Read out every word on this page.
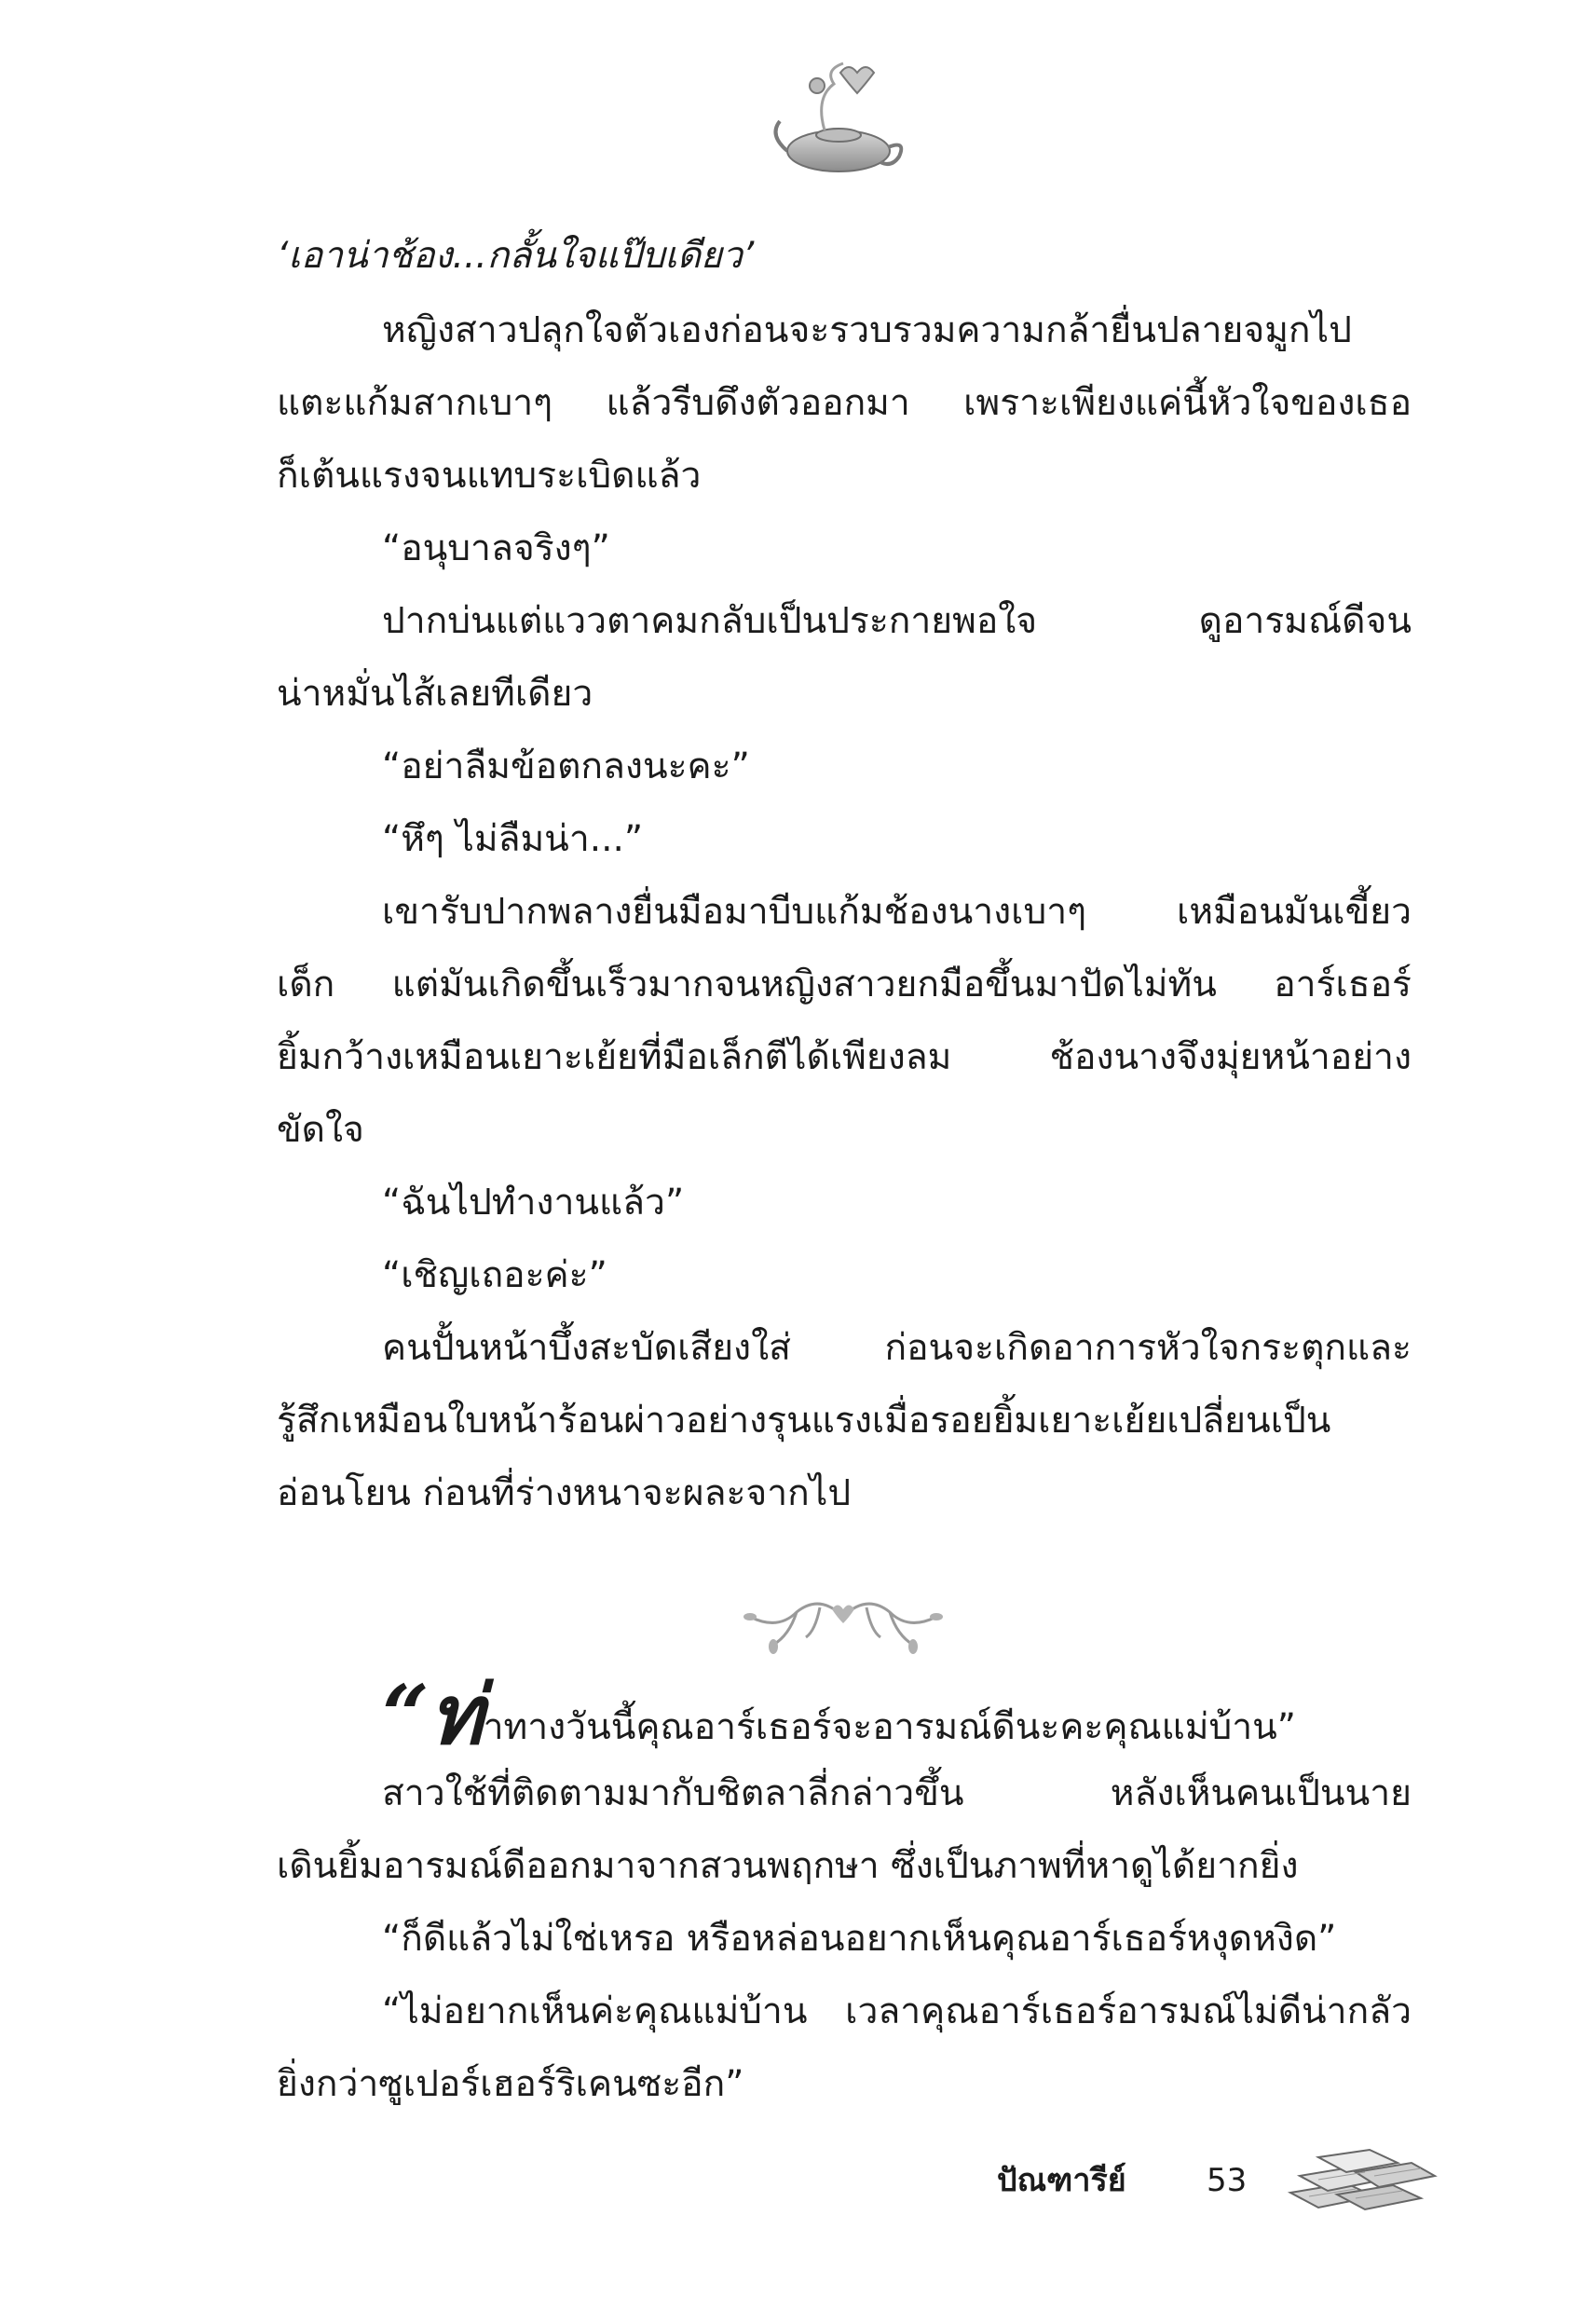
‘เอาน่าช้อง...กลั้นใจแป๊บเดียว’
หญิงสาวปลุกใจตัวเองก่อนจะรวบรวมความกล้ายื่นปลายจมูกไป
แตะแก้มสากเบาๆ แล้วรีบดึงตัวออกมา เพราะเพียงแค่นี้หัวใจของเธอ
ก็เต้นแรงจนแทบระเบิดแล้ว
“อนุบาลจริงๆ”
ปากบ่นแต่แววตาคมกลับเป็นประกายพอใจ ดูอารมณ์ดีจน
น่าหมั่นไส้เลยทีเดียว
“อย่าลืมข้อตกลงนะคะ”
“หึๆ ไม่ลืมน่า...”
เขารับปากพลางยื่นมือมาบีบแก้มช้องนางเบาๆ เหมือนมันเขี้ยว
เด็ก แต่มันเกิดขึ้นเร็วมากจนหญิงสาวยกมือขึ้นมาปัดไม่ทัน อาร์เธอร์
ยิ้มกว้างเหมือนเยาะเย้ยที่มือเล็กตีได้เพียงลม ช้องนางจึงมุ่ยหน้าอย่าง
ขัดใจ
“ฉันไปทำงานแล้ว”
“เชิญเถอะค่ะ”
คนปั้นหน้าบึ้งสะบัดเสียงใส่ ก่อนจะเกิดอาการหัวใจกระตุกและ
รู้สึกเหมือนใบหน้าร้อนผ่าวอย่างรุนแรงเมื่อรอยยิ้มเยาะเย้ยเปลี่ยนเป็น
อ่อนโยน ก่อนที่ร่างหนาจะผละจากไป
“ท่าทางวันนี้คุณอาร์เธอร์จะอารมณ์ดีนะคะคุณแม่บ้าน”
สาวใช้ที่ติดตามมากับชิตลาลี่กล่าวขึ้น หลังเห็นคนเป็นนาย
เดินยิ้มอารมณ์ดีออกมาจากสวนพฤกษา ซึ่งเป็นภาพที่หาดูได้ยากยิ่ง
“ก็ดีแล้วไม่ใช่เหรอ หรือหล่อนอยากเห็นคุณอาร์เธอร์หงุดหงิด”
“ไม่อยากเห็นค่ะคุณแม่บ้าน เวลาคุณอาร์เธอร์อารมณ์ไม่ดีน่ากลัว
ยิ่งกว่าซูเปอร์เฮอร์ริเคนซะอีก”
ปัณฑารีย์	53
